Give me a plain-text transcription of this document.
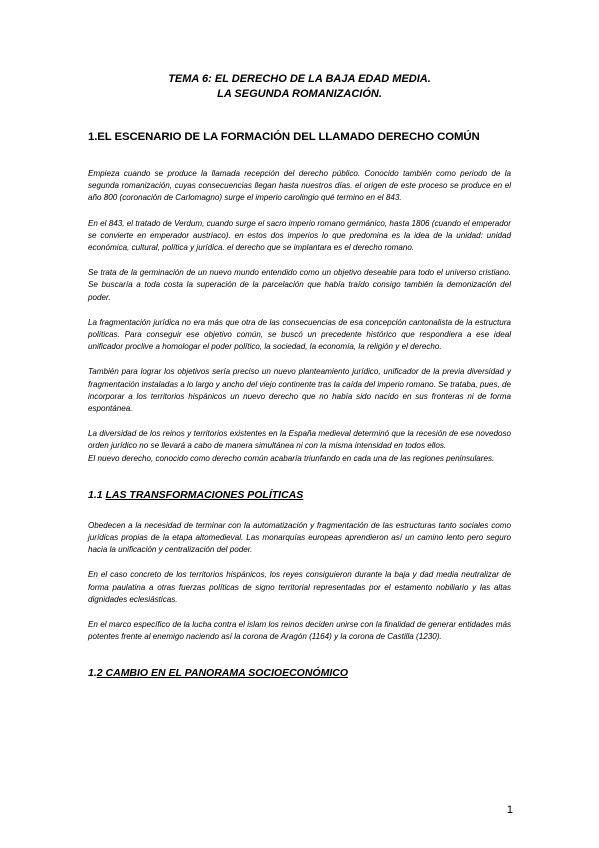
TEMA 6: EL DERECHO DE LA BAJA EDAD MEDIA.
LA SEGUNDA ROMANIZACIÓN.
1.EL ESCENARIO DE LA FORMACIÓN DEL LLAMADO DERECHO COMÚN

Empieza cuando se produce la llamada recepción del derecho público. Conocido también como periodo de la segunda romanización, cuyas consecuencias llegan hasta nuestros días. el origen de este proceso se produce en el año 800 (coronación de Carlomagno) surge el imperio carolingio qué termino en el 843.

En el 843, el tratado de Verdum, cuando surge el sacro imperio romano germánico, hasta 1806 (cuando el emperador se convierte en emperador austriaco). en estos dos imperios lo que predomina es la idea de la unidad: unidad económica, cultural, política y jurídica. el derecho que se implantara es el derecho romano.

Se trata de la germinación de un nuevo mundo entendido como un objetivo deseable para todo el universo cristiano. Se buscaría a toda costa la superación de la parcelación que había traído consigo también la demonización del poder.

La fragmentación jurídica no era más que otra de las consecuencias de esa concepción cantonalista de la estructura políticas. Para conseguir ese objetivo común, se buscó un precedente histórico que respondiera a ese ideal unificador proclive a homologar el poder político, la sociedad, la economía, la religión y el derecho.

También para lograr los objetivos sería preciso un nuevo planteamiento jurídico, unificador de la previa diversidad y fragmentación instaladas a lo largo y ancho del viejo continente tras la caída del imperio romano. Se trataba, pues, de incorporar a los territorios hispánicos un nuevo derecho que no había sido nacido en sus fronteras ni de forma espontánea.

La diversidad de los reinos y territorios existentes en la España medieval determinó que la recesión de ese novedoso orden jurídico no se llevará a cabo de manera simultánea ni con la misma intensidad en todos ellos.

El nuevo derecho, conocido como derecho común acabaría triunfando en cada una de las regiones peninsulares.

1.1 LAS TRANSFORMACIONES POLÍTICAS

Obedecen a la necesidad de terminar con la automatización y fragmentación de las estructuras tanto sociales como jurídicas propias de la etapa altomedieval. Las monarquías europeas aprendieron así un camino lento pero seguro hacia la unificación y centralización del poder.

En el caso concreto de los territorios hispánicos, los reyes consiguieron durante la baja y dad media neutralizar de forma paulatina a otras fuerzas políticas de signo territorial representadas por el estamento nobiliario y las altas dignidades eclesiásticas.

En el marco específico de la lucha contra el islam los reinos deciden unirse con la finalidad de generar entidades más potentes frente al enemigo naciendo así la corona de Aragón (1164) y la corona de Castilla (1230).

1.2 CAMBIO EN EL PANORAMA SOCIOECONÓMICO
1
